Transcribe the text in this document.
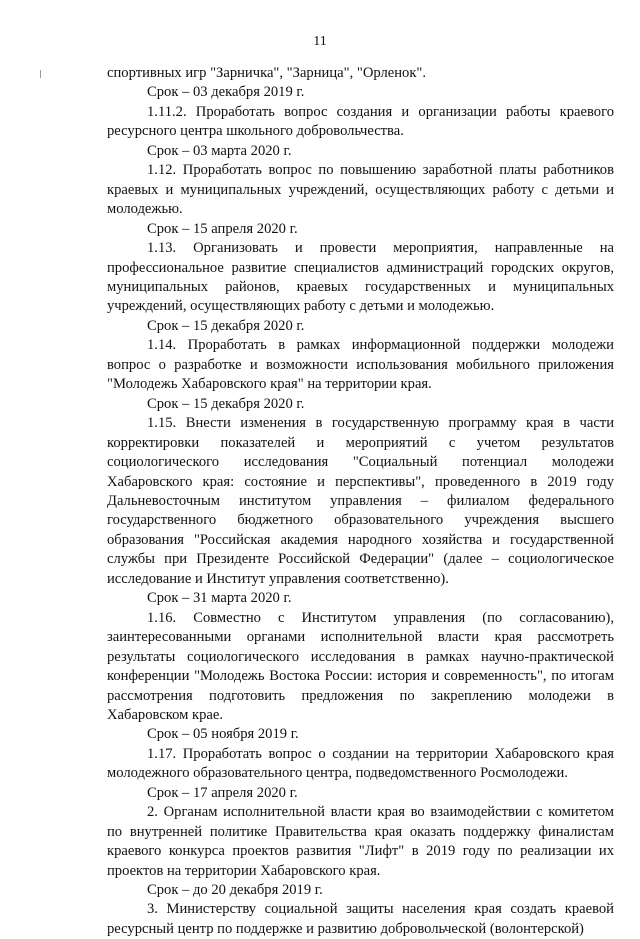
11

спортивных игр "Зарничка", "Зарница", "Орленок".

Срок – 03 декабря 2019 г.

1.11.2. Проработать вопрос создания и организации работы краевого ресурсного центра школьного добровольчества.

Срок – 03 марта 2020 г.

1.12. Проработать вопрос по повышению заработной платы работников краевых и муниципальных учреждений, осуществляющих работу с детьми и молодежью.

Срок – 15 апреля 2020 г.

1.13. Организовать и провести мероприятия, направленные на профессиональное развитие специалистов администраций городских округов, муниципальных районов, краевых государственных и муниципальных учреждений, осуществляющих работу с детьми и молодежью.

Срок – 15 декабря 2020 г.

1.14. Проработать в рамках информационной поддержки молодежи вопрос о разработке и возможности использования мобильного приложения "Молодежь Хабаровского края" на территории края.

Срок – 15 декабря 2020 г.

1.15. Внести изменения в государственную программу края в части корректировки показателей и мероприятий с учетом результатов социологического исследования "Социальный потенциал молодежи Хабаровского края: состояние и перспективы", проведенного в 2019 году Дальневосточным институтом управления – филиалом федерального государственного бюджетного образовательного учреждения высшего образования "Российская академия народного хозяйства и государственной службы при Президенте Российской Федерации" (далее – социологическое исследование и Институт управления соответственно).

Срок – 31 марта 2020 г.

1.16. Совместно с Институтом управления (по согласованию), заинтересованными органами исполнительной власти края рассмотреть результаты социологического исследования в рамках научно-практической конференции "Молодежь Востока России: история и современность", по итогам рассмотрения подготовить предложения по закреплению молодежи в Хабаровском крае.

Срок – 05 ноября 2019 г.

1.17. Проработать вопрос о создании на территории Хабаровского края молодежного образовательного центра, подведомственного Росмолодежи.

Срок – 17 апреля 2020 г.

2. Органам исполнительной власти края во взаимодействии с комитетом по внутренней политике Правительства края оказать поддержку финалистам краевого конкурса проектов развития "Лифт" в 2019 году по реализации их проектов на территории Хабаровского края.

Срок – до 20 декабря 2019 г.

3. Министерству социальной защиты населения края создать краевой ресурсный центр по поддержке и развитию добровольческой (волонтерской)
